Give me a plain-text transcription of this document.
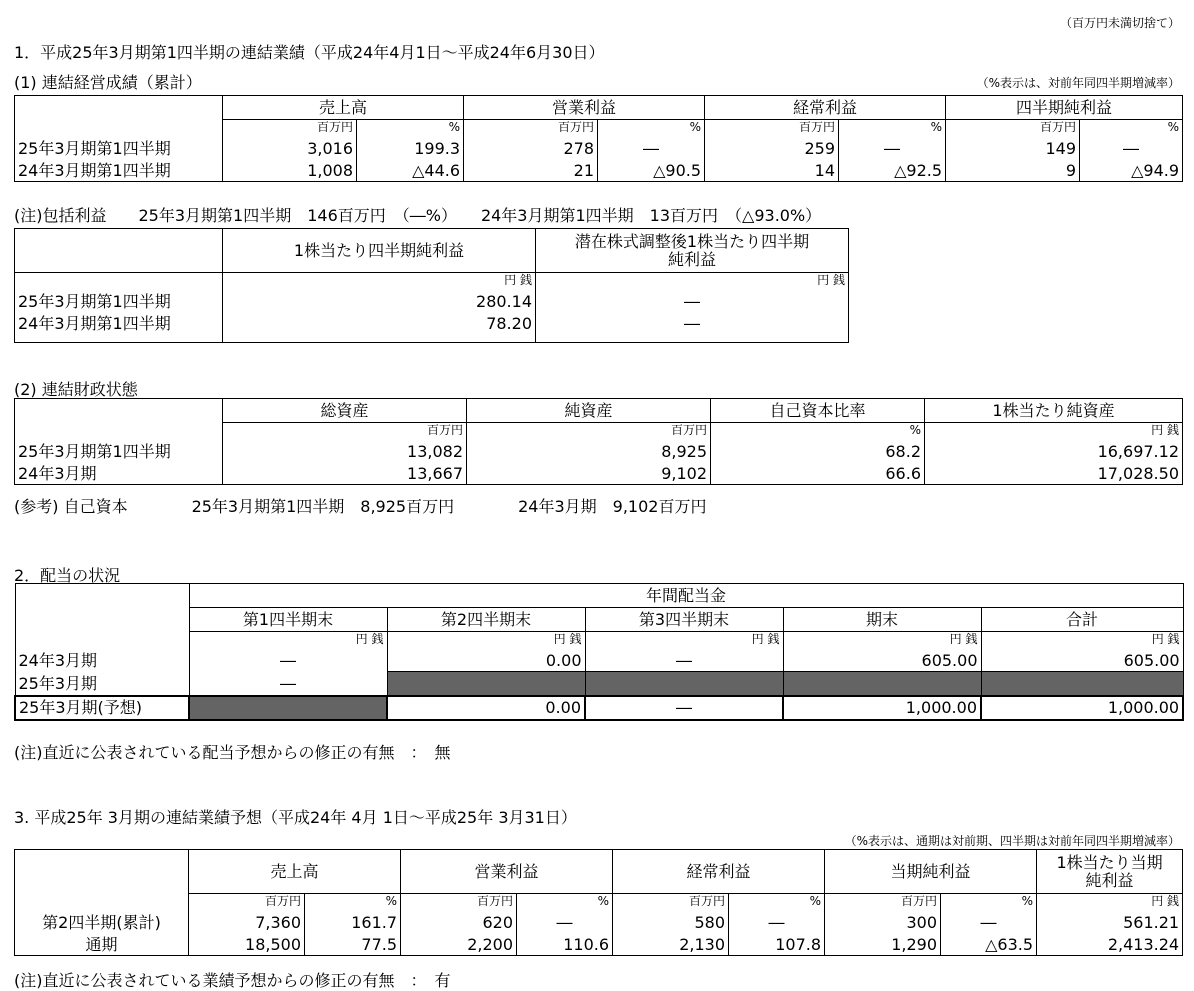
（百万円未満切捨て）
1．平成25年3月期第1四半期の連結業績（平成24年4月1日～平成24年6月30日）
(1) 連結経営成績（累計）	（%表示は、対前年同四半期増減率）
	売上高		営業利益		経常利益		四半期純利益	
	百万円	%	百万円	%	百万円	%	百万円	%
25年3月期第1四半期	3,016	199.3	278	―	259	―	149	―
24年3月期第1四半期	1,008	△44.6	21	△90.5	14	△92.5	9	△94.9
(注)包括利益　　25年3月期第1四半期　146百万円　（―%）　　24年3月期第1四半期　13百万円　（△93.0%）
	1株当たり四半期純利益	潜在株式調整後1株当たり四半期
純利益

	円 銭	円 銭
25年3月期第1四半期	280.14	―
24年3月期第1四半期	78.20	―

(2) 連結財政状態
	総資産	純資産	自己資本比率	1株当たり純資産
	百万円	百万円	%	円 銭
25年3月期第1四半期	13,082	8,925	68.2	16,697.12
24年3月期	13,667	9,102	66.6	17,028.50
(参考) 自己資本　　　　25年3月期第1四半期　8,925百万円　　　　24年3月期　9,102百万円
2．配当の状況
	年間配当金				
	第1四半期末	第2四半期末	第3四半期末	期末	合計
	円 銭	円 銭	円 銭	円 銭	円 銭
24年3月期	―	0.00	―	605.00	605.00
25年3月期	―				
25年3月期(予想)		0.00	―	1,000.00	1,000.00
(注)直近に公表されている配当予想からの修正の有無　：　無
3. 平成25年 3月期の連結業績予想（平成24年 4月 1日～平成25年 3月31日）
（%表示は、通期は対前期、四半期は対前年同四半期増減率）
	売上高		営業利益		経常利益		当期純利益		1株当たり当期
純利益

	百万円	%	百万円	%	百万円	%	百万円	%	円 銭
第2四半期(累計)	7,360	161.7	620	―	580	―	300	―	561.21
通期	18,500	77.5	2,200	110.6	2,130	107.8	1,290	△63.5	2,413.24
(注)直近に公表されている業績予想からの修正の有無　：　有
